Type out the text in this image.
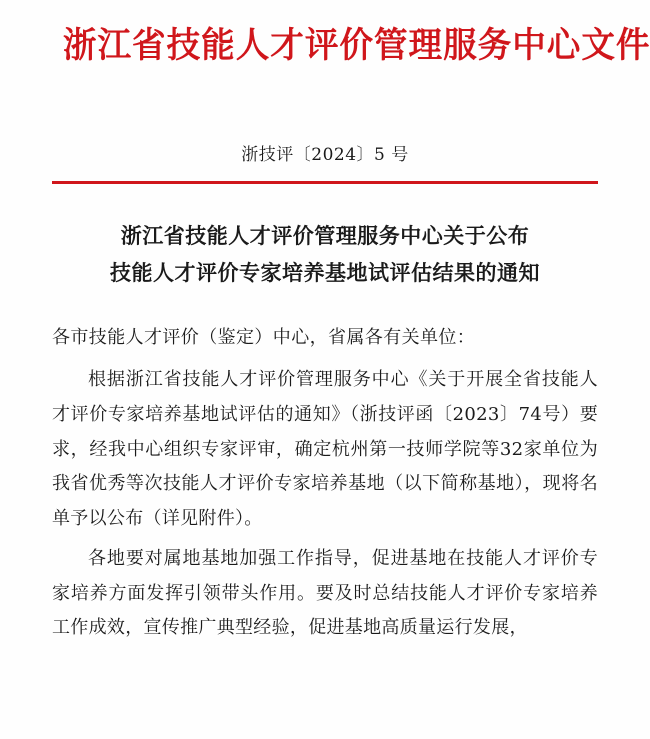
浙江省技能人才评价管理服务中心文件
浙技评〔2024〕5 号
浙江省技能人才评价管理服务中心关于公布
技能人才评价专家培养基地试评估结果的通知
各市技能人才评价（鉴定）中心，省属各有关单位：
根据浙江省技能人才评价管理服务中心《关于开展全省技能人才评价专家培养基地试评估的通知》（浙技评函〔2023〕74号）要求，经我中心组织专家评审，确定杭州第一技师学院等32家单位为我省优秀等次技能人才评价专家培养基地（以下简称基地），现将名单予以公布（详见附件）。
各地要对属地基地加强工作指导，促进基地在技能人才评价专家培养方面发挥引领带头作用。要及时总结技能人才评价专家培养工作成效，宣传推广典型经验，促进基地高质量运行发展，
